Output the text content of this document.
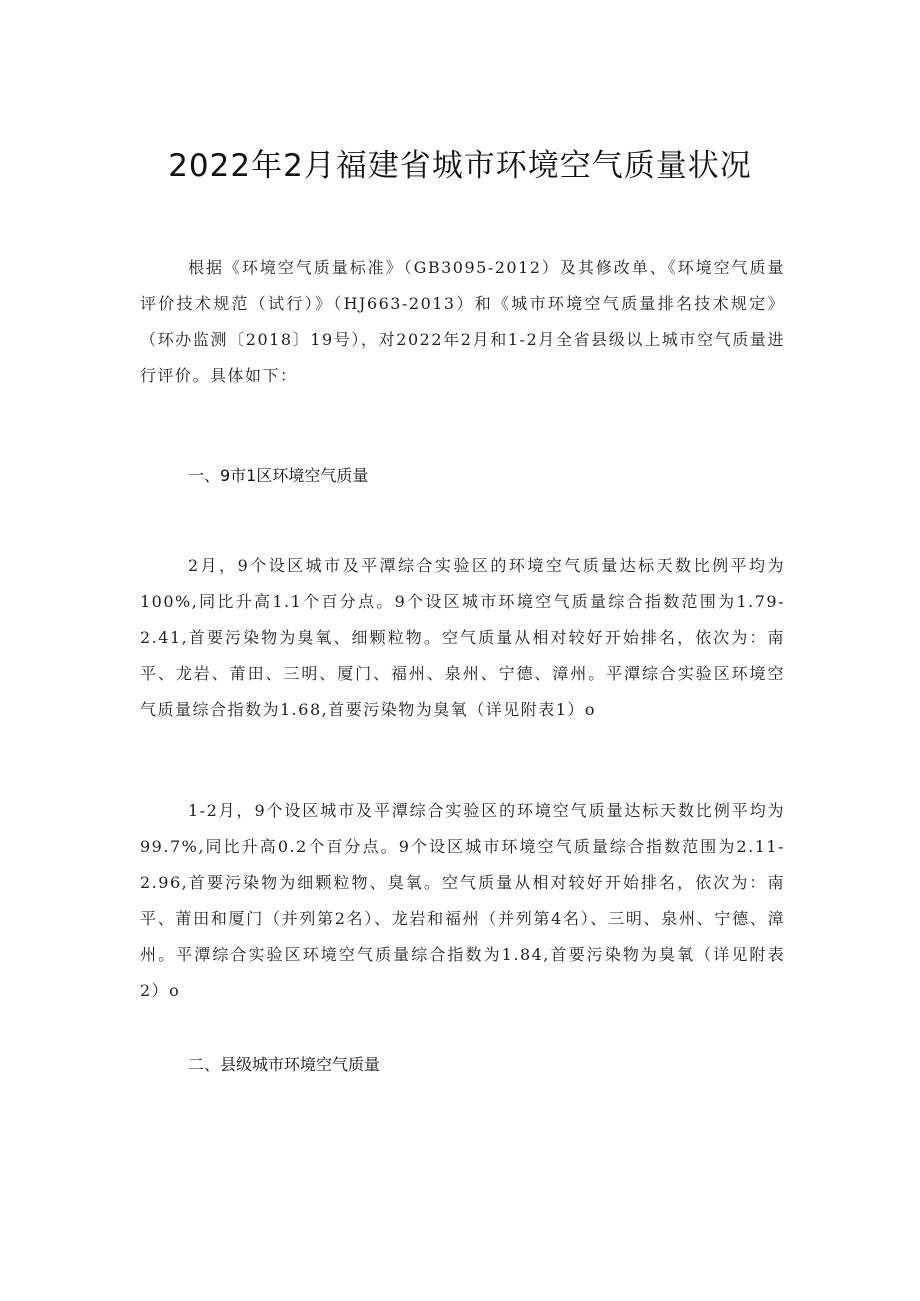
2022年2月福建省城市环境空气质量状况

根据《环境空气质量标准》（GB3095-2012）及其修改单、《环境空气质量评价技术规范（试行）》（HJ663-2013）和《城市环境空气质量排名技术规定》（环办监测〔2018〕19号），对2022年2月和1-2月全省县级以上城市空气质量进行评价。具体如下：

一、9市1区环境空气质量

2月，9个设区城市及平潭综合实验区的环境空气质量达标天数比例平均为100%,同比升高1.1个百分点。9个设区城市环境空气质量综合指数范围为1.79-2.41,首要污染物为臭氧、细颗粒物。空气质量从相对较好开始排名，依次为：南平、龙岩、莆田、三明、厦门、福州、泉州、宁德、漳州。平潭综合实验区环境空气质量综合指数为1.68,首要污染物为臭氧（详见附表1）o

1-2月，9个设区城市及平潭综合实验区的环境空气质量达标天数比例平均为99.7%,同比升高0.2个百分点。9个设区城市环境空气质量综合指数范围为2.11-2.96,首要污染物为细颗粒物、臭氧。空气质量从相对较好开始排名，依次为：南平、莆田和厦门（并列第2名）、龙岩和福州（并列第4名）、三明、泉州、宁德、漳州。平潭综合实验区环境空气质量综合指数为1.84,首要污染物为臭氧（详见附表2）o

二、县级城市环境空气质量
